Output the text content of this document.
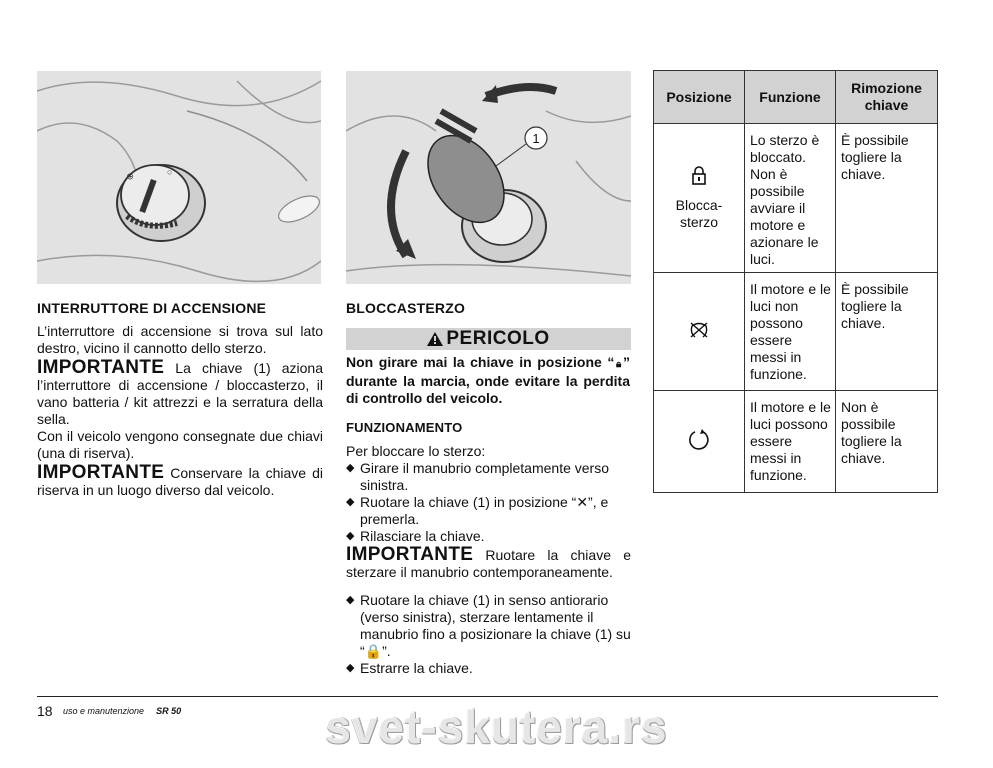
⊗	○
1
INTERRUTTORE DI ACCENSIONE

L’interruttore di accensione si trova sul lato destro, vicino il cannotto dello sterzo.

IMPORTANTE La chiave (1) aziona l’interruttore di accensione / bloccasterzo, il vano batteria / kit attrezzi e la serratura della sella.

Con il veicolo vengono consegnate due chiavi (una di riserva).

IMPORTANTE Conservare la chiave di riserva in un luogo diverso dal veicolo.

BLOCCASTERZO
PERICOLO
Non girare mai la chiave in posizione “🔒︎” durante la marcia, onde evitare la perdita di controllo del veicolo.
FUNZIONAMENTO
Per bloccare lo sterzo:
◆ Girare il manubrio completamente verso sinistra.
◆ Ruotare la chiave (1) in posizione “✕”, e premerla.
◆ Rilasciare la chiave.
IMPORTANTE Ruotare la chiave e sterzare il manubrio contemporaneamente.
◆ Ruotare la chiave (1) in senso antiorario (verso sinistra), sterzare lentamente il manubrio fino a posizionare la chiave (1) su “🔒”.
◆ Estrarre la chiave.
Posizione	Funzione	Rimozione chiave

Blocca-sterzo	Lo sterzo è bloccato. Non è possibile avviare il motore e azionare le luci.	È possibile togliere la chiave.
	Il motore e le luci non possono essere messi in funzione.	È possibile togliere la chiave.
	Il motore e le luci possono essere messi in funzione.	Non è possibile togliere la chiave.
18 uso e manutenzione SR 50	svet-skutera.rs
